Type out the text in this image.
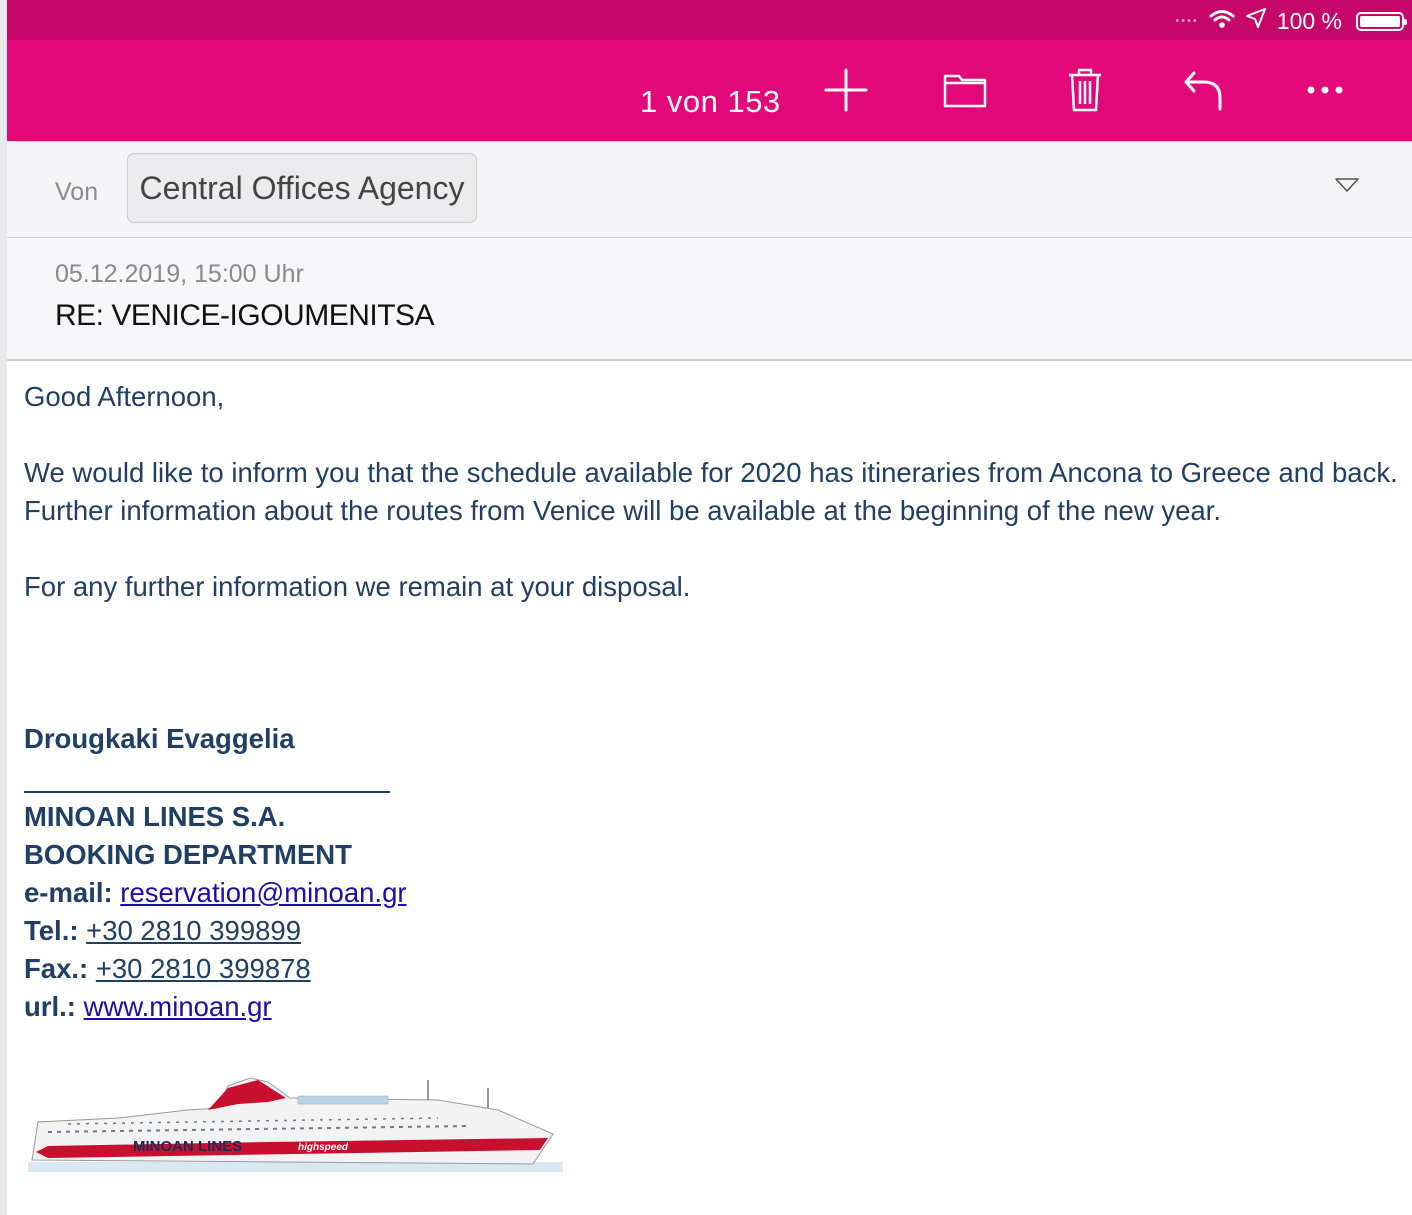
••••	100 %
1 von 153
Von	Central Offices Agency
05.12.2019, 15:00 Uhr
RE: VENICE-IGOUMENITSA

Good Afternoon,

We would like to inform you that the schedule available for 2020 has itineraries from Ancona to Greece and back. Further information about the routes from Venice will be available at the beginning of the new year.

For any further information we remain at your disposal.

Drougkaki Evaggelia
MINOAN LINES S.A.
BOOKING DEPARTMENT
e-mail: reservation@minoan.gr
Tel.: +30 2810 399899
Fax.: +30 2810 399878
url.: www.minoan.gr
MINOAN LINES	highspeed
